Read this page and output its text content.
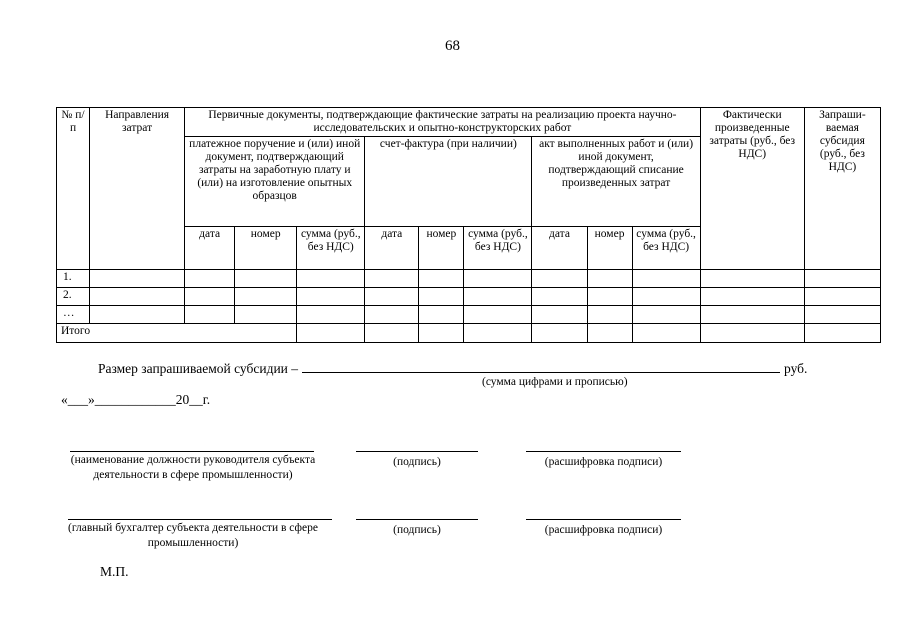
68
№ п/п	Направления затрат	Первичные документы, подтверждающие фактические затраты на реализацию проекта научно-исследовательских и опытно-конструкторских работ									Фактически произведенные затраты (руб., без НДС)	Запраши- ваемая субсидия (руб., без НДС)
		платежное поручение и (или) иной документ, подтверждающий затраты на заработную плату и (или) на изготовление опытных образцов			счет-фактура (при наличии)			акт выполненных работ и (или) иной документ, подтверждающий списание произведенных затрат				
		дата	номер	сумма (руб., без НДС)	дата	номер	сумма (руб., без НДС)	дата	номер	сумма (руб., без НДС)		
1.												
2.												
…												
Итого												
Размер запрашиваемой субсидии –	руб.
(сумма цифрами и прописью)
«___»____________20__г.
(наименование должности руководителя субъекта деятельности в сфере промышленности)
(подпись)	(расшифровка подписи)
(главный бухгалтер субъекта деятельности в сфере промышленности)
(подпись)	(расшифровка подписи)
М.П.
